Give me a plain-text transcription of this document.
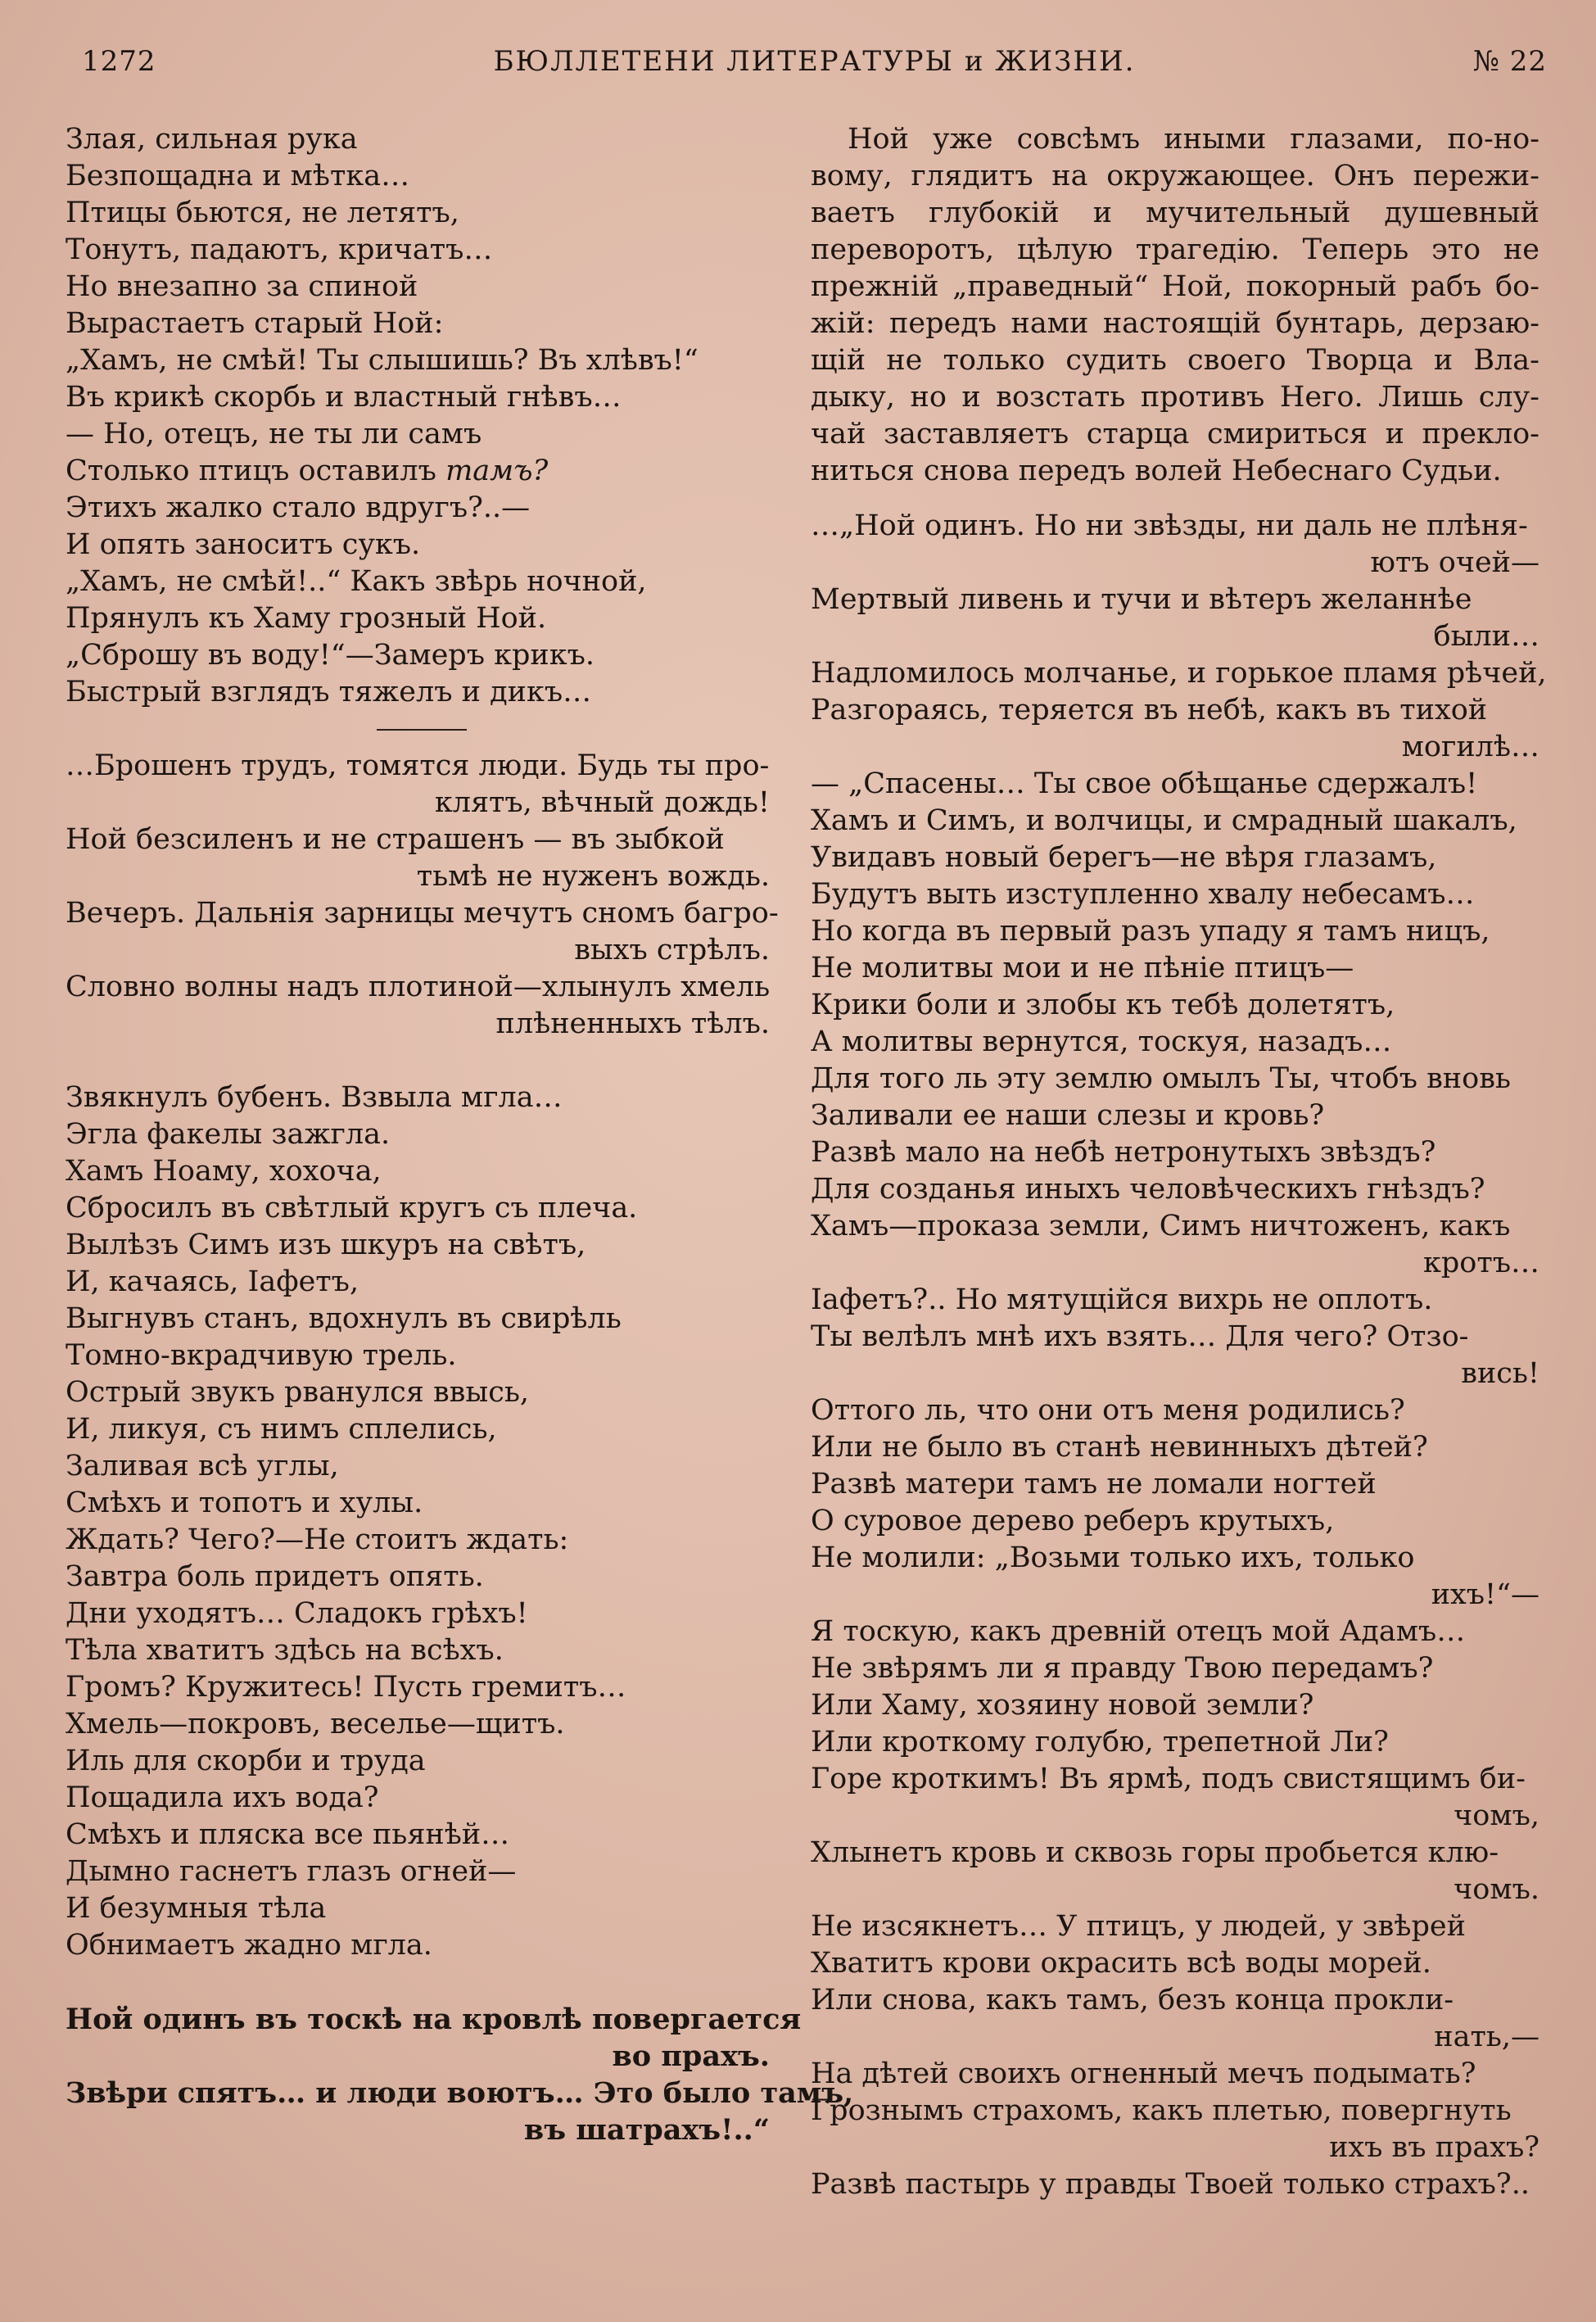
1272	БЮЛЛЕТЕНИ ЛИТЕРАТУРЫ и ЖИЗНИ.	№ 22
Злая, сильная рука
Безпощадна и мѣтка…
Птицы бьются, не летятъ,
Тонутъ, падаютъ, кричатъ…
Но внезапно за спиной
Вырастаетъ старый Ной:
„Хамъ, не смѣй! Ты слышишь? Въ хлѣвъ!“
Въ крикѣ скорбь и властный гнѣвъ…
— Но, отецъ, не ты ли самъ
Столько птицъ оставилъ тамъ?
Этихъ жалко стало вдругъ?..—
И опять заноситъ сукъ.
„Хамъ, не смѣй!..“ Какъ звѣрь ночной,
Прянулъ къ Хаму грозный Ной.
„Сброшу въ воду!“—Замеръ крикъ.
Быстрый взглядъ тяжелъ и дикъ…
…Брошенъ трудъ, томятся люди. Будь ты про-
клятъ, вѣчный дождь!
Ной безсиленъ и не страшенъ — въ зыбкой
тьмѣ не нуженъ вождь.
Вечеръ. Дальнія зарницы мечутъ сномъ багро-
выхъ стрѣлъ.
Словно волны надъ плотиной—хлынулъ хмель
плѣненныхъ тѣлъ.
Звякнулъ бубенъ. Взвыла мгла…
Эгла факелы зажгла.
Хамъ Ноаму, хохоча,
Сбросилъ въ свѣтлый кругъ съ плеча.
Вылѣзъ Симъ изъ шкуръ на свѣтъ,
И, качаясь, Іафетъ,
Выгнувъ станъ, вдохнулъ въ свирѣль
Томно-вкрадчивую трель.
Острый звукъ рванулся ввысь,
И, ликуя, съ нимъ сплелись,
Заливая всѣ углы,
Смѣхъ и топотъ и хулы.
Ждать? Чего?—Не стоитъ ждать:
Завтра боль придетъ опять.
Дни уходятъ… Сладокъ грѣхъ!
Тѣла хватитъ здѣсь на всѣхъ.
Громъ? Кружитесь! Пусть гремитъ…
Хмель—покровъ, веселье—щитъ.
Иль для скорби и труда
Пощадила ихъ вода?
Смѣхъ и пляска все пьянѣй…
Дымно гаснетъ глазъ огней—
И безумныя тѣла
Обнимаетъ жадно мгла.
Ной одинъ въ тоскѣ на кровлѣ повергается
во прахъ.
Звѣри спятъ… и люди воютъ… Это было тамъ,
въ шатрахъ!..“
Ной уже совсѣмъ иными глазами, по-но-
вому, глядитъ на окружающее. Онъ пережи-
ваетъ глубокій и мучительный душевный
переворотъ, цѣлую трагедію. Теперь это не
прежній „праведный“ Ной, покорный рабъ бо-
жій: передъ нами настоящій бунтарь, дерзаю-
щій не только судить своего Творца и Вла-
дыку, но и возстать противъ Него. Лишь слу-
чай заставляетъ старца смириться и прекло-
ниться снова передъ волей Небеснаго Судьи.
…„Ной одинъ. Но ни звѣзды, ни даль не плѣня-
ютъ очей—
Мертвый ливень и тучи и вѣтеръ желаннѣе
были…
Надломилось молчанье, и горькое пламя рѣчей,
Разгораясь, теряется въ небѣ, какъ въ тихой
могилѣ…
— „Спасены… Ты свое обѣщанье сдержалъ!
Хамъ и Симъ, и волчицы, и смрадный шакалъ,
Увидавъ новый берегъ—не вѣря глазамъ,
Будутъ выть изступленно хвалу небесамъ…
Но когда въ первый разъ упаду я тамъ ницъ,
Не молитвы мои и не пѣніе птицъ—
Крики боли и злобы къ тебѣ долетятъ,
А молитвы вернутся, тоскуя, назадъ…
Для того ль эту землю омылъ Ты, чтобъ вновь
Заливали ее наши слезы и кровь?
Развѣ мало на небѣ нетронутыхъ звѣздъ?
Для созданья иныхъ человѣческихъ гнѣздъ?
Хамъ—проказа земли, Симъ ничтоженъ, какъ
кротъ…
Іафетъ?.. Но мятущійся вихрь не оплотъ.
Ты велѣлъ мнѣ ихъ взять… Для чего? Отзо-
вись!
Оттого ль, что они отъ меня родились?
Или не было въ станѣ невинныхъ дѣтей?
Развѣ матери тамъ не ломали ногтей
О суровое дерево реберъ крутыхъ,
Не молили: „Возьми только ихъ, только
ихъ!“—
Я тоскую, какъ древній отецъ мой Адамъ…
Не звѣрямъ ли я правду Твою передамъ?
Или Хаму, хозяину новой земли?
Или кроткому голубю, трепетной Ли?
Горе кроткимъ! Въ ярмѣ, подъ свистящимъ би-
чомъ,
Хлынетъ кровь и сквозь горы пробьется клю-
чомъ.
Не изсякнетъ… У птицъ, у людей, у звѣрей
Хватитъ крови окрасить всѣ воды морей.
Или снова, какъ тамъ, безъ конца прокли-
нать,—
На дѣтей своихъ огненный мечъ подымать?
Грознымъ страхомъ, какъ плетью, повергнуть
ихъ въ прахъ?
Развѣ пастырь у правды Твоей только страхъ?..
